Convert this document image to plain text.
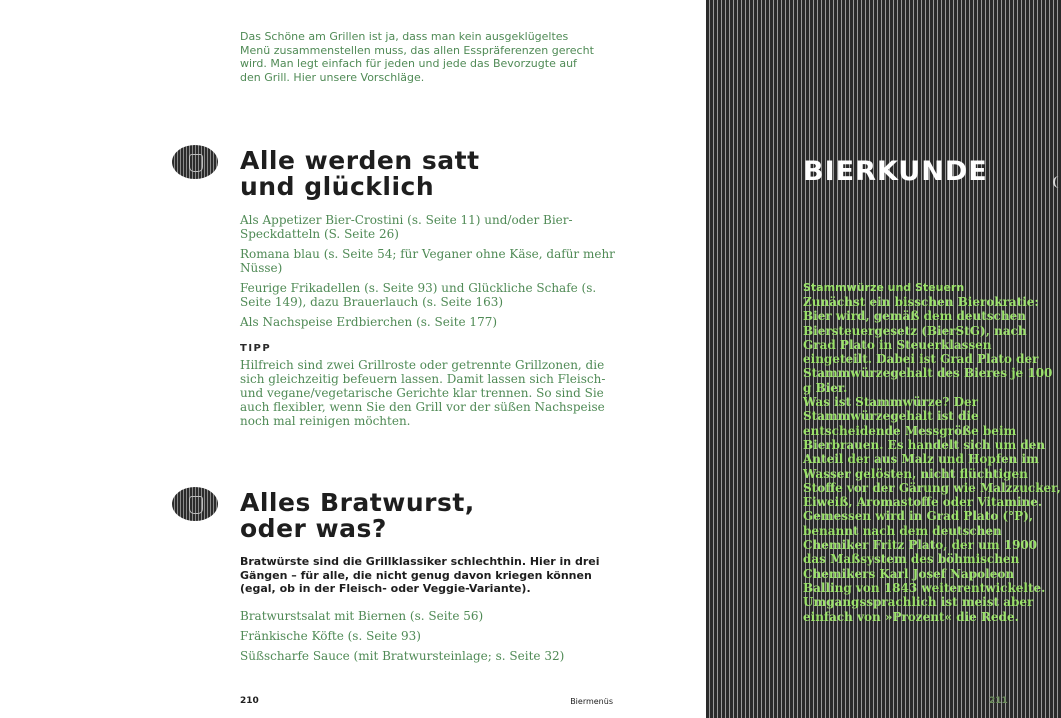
Das Schöne am Grillen ist ja, dass man kein ausgeklügeltes Menü zusammenstellen muss, das allen Esspräferenzen gerecht wird. Man legt einfach für jeden und jede das Bevorzugte auf den Grill. Hier unsere Vorschläge.

Alle werden satt
und glücklich
Als Appetizer Bier-Crostini (s. Seite 11) und/oder Bier-Speckdatteln (S. Seite 26)
Romana blau (s. Seite 54; für Veganer ohne Käse, dafür mehr Nüsse)
Feurige Frikadellen (s. Seite 93) und Glückliche Schafe (s. Seite 149), dazu Brauerlauch (s. Seite 163)
Als Nachspeise Erdbierchen (s. Seite 177)

TIPP

Hilfreich sind zwei Grillroste oder getrennte Grillzonen, die sich gleichzeitig befeuern lassen. Damit lassen sich Fleisch- und vegane/vegetarische Gerichte klar trennen. So sind Sie auch flexibler, wenn Sie den Grill vor der süßen Nachspeise noch mal reinigen möchten.

Alles Bratwurst,
oder was?

Bratwürste sind die Grillklassiker schlechthin. Hier in drei Gängen – für alle, die nicht genug davon kriegen können (egal, ob in der Fleisch- oder Veggie-Variante).

Bratwurstsalat mit Biernen (s. Seite 56)
Fränkische Köfte (s. Seite 93)
Süßscharfe Sauce (mit Bratwursteinlage; s. Seite 32)
210	Biermenüs
BIERKUNDE

Stammwürze und Steuern

Zunächst ein bisschen Bierokratie: Bier wird, gemäß dem deutschen Biersteuergesetz (BierStG), nach Grad Plato in Steuerklassen eingeteilt. Dabei ist Grad Plato der Stammwürzegehalt des Bieres je 100 g Bier.

Was ist Stammwürze? Der Stammwürzegehalt ist die entscheidende Messgröße beim Bierbrauen. Es handelt sich um den Anteil der aus Malz und Hopfen im Wasser gelösten, nicht flüchtigen Stoffe vor der Gärung wie Malzzucker, Eiweiß, Aromastoffe oder Vitamine. Gemessen wird in Grad Plato (°P), benannt nach dem deutschen Chemiker Fritz Plato, der um 1900 das Maßsystem des böhmischen Chemikers Karl Josef Napoleon Balling von 1843 weiterentwickelte. Umgangssprachlich ist meist aber einfach von »Prozent« die Rede.

211
